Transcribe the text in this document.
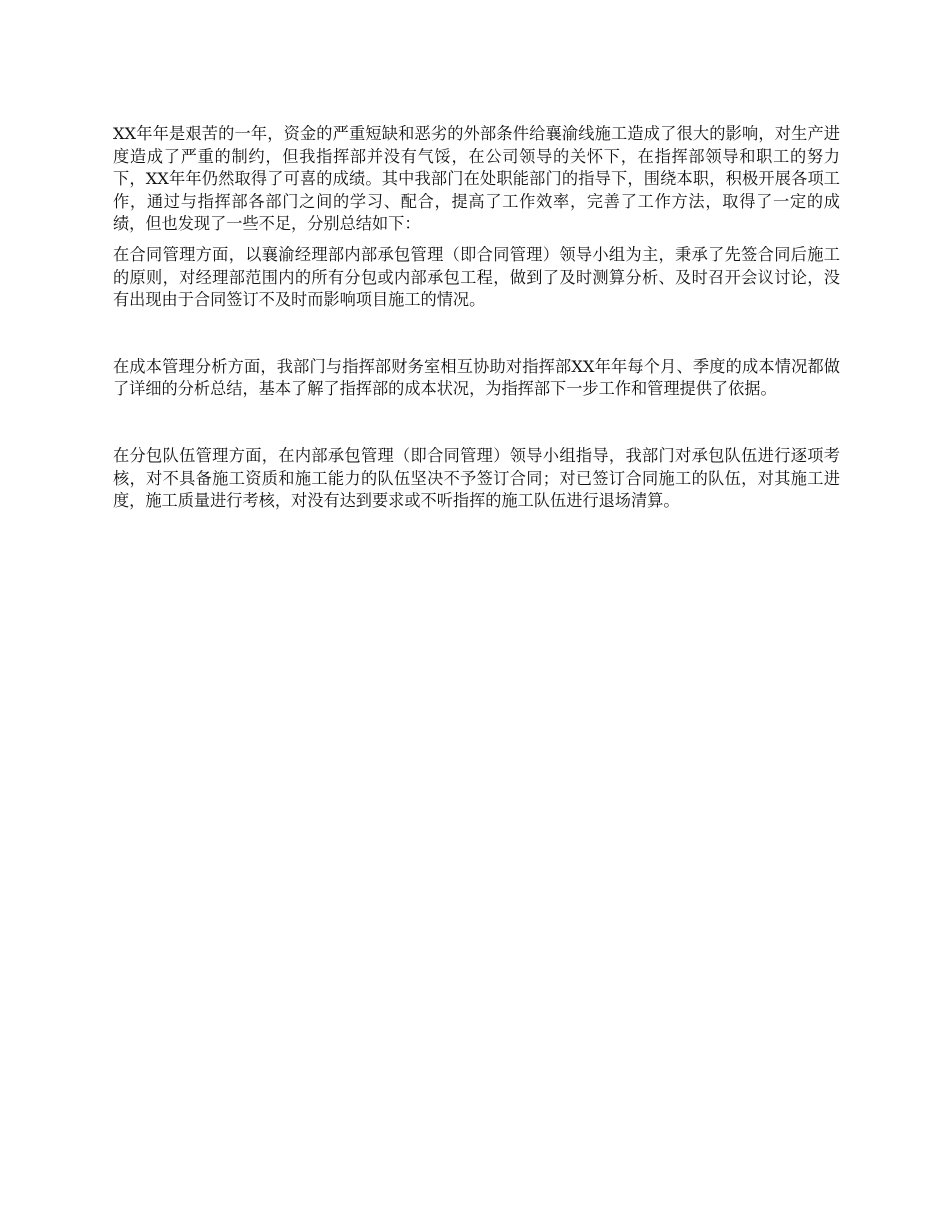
XX年年是艰苦的一年，资金的严重短缺和恶劣的外部条件给襄渝线施工造成了很大的影响，对生产进度造成了严重的制约，但我指挥部并没有气馁，在公司领导的关怀下，在指挥部领导和职工的努力下，XX年年仍然取得了可喜的成绩。其中我部门在处职能部门的指导下，围绕本职，积极开展各项工作，通过与指挥部各部门之间的学习、配合，提高了工作效率，完善了工作方法，取得了一定的成绩，但也发现了一些不足，分别总结如下：

在合同管理方面，以襄渝经理部内部承包管理（即合同管理）领导小组为主，秉承了先签合同后施工的原则，对经理部范围内的所有分包或内部承包工程，做到了及时测算分析、及时召开会议讨论，没有出现由于合同签订不及时而影响项目施工的情况。

在成本管理分析方面，我部门与指挥部财务室相互协助对指挥部XX年年每个月、季度的成本情况都做了详细的分析总结，基本了解了指挥部的成本状况，为指挥部下一步工作和管理提供了依据。

在分包队伍管理方面，在内部承包管理（即合同管理）领导小组指导，我部门对承包队伍进行逐项考核，对不具备施工资质和施工能力的队伍坚决不予签订合同；对已签订合同施工的队伍，对其施工进度，施工质量进行考核，对没有达到要求或不听指挥的施工队伍进行退场清算。
